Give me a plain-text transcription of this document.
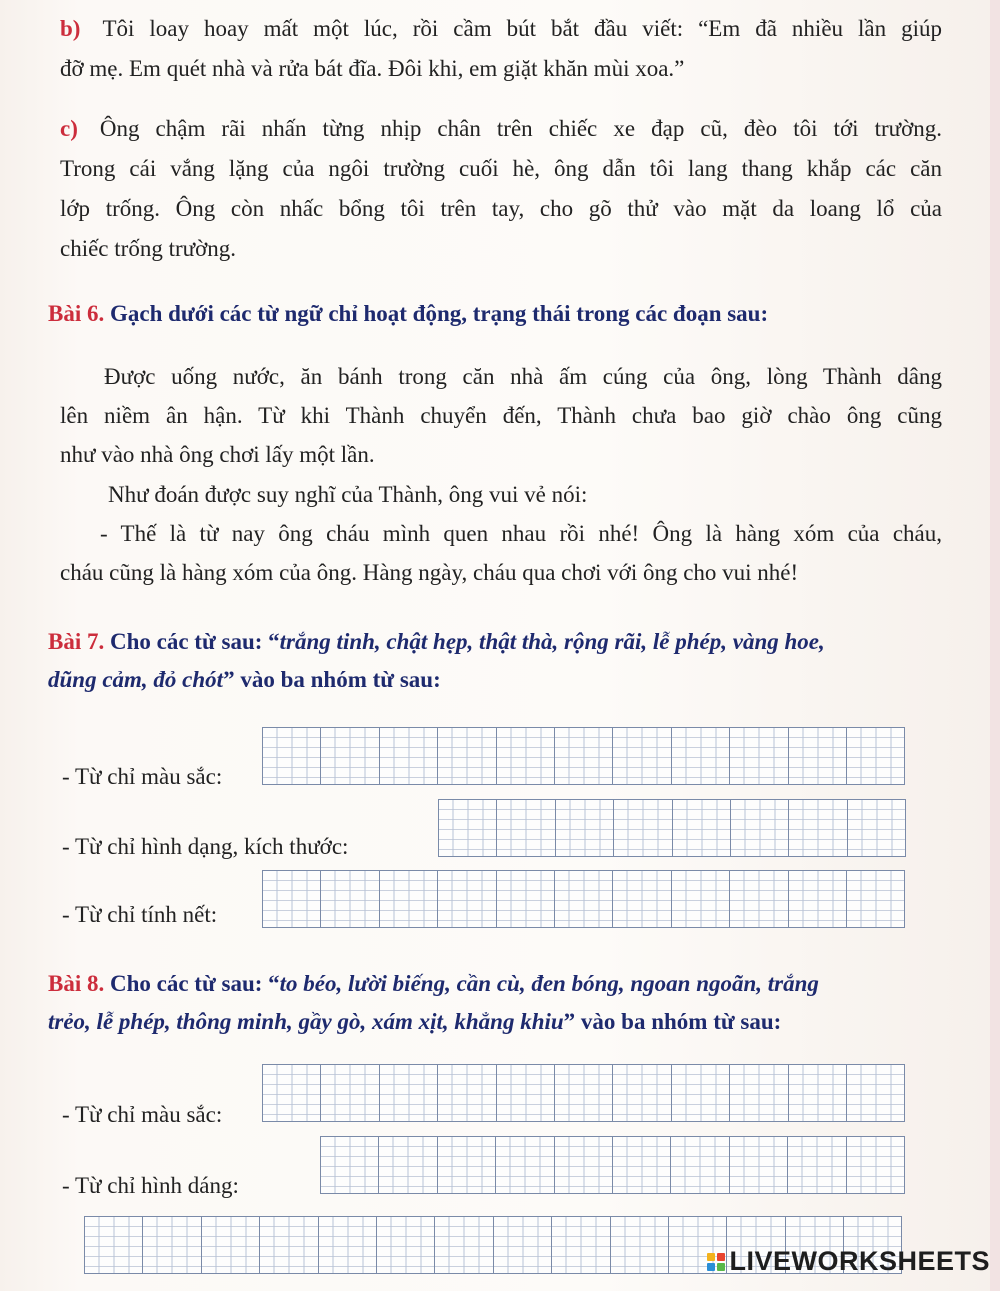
b) Tôi loay hoay mất một lúc, rồi cầm bút bắt đầu viết: “Em đã nhiều lần giúp
đỡ mẹ. Em quét nhà và rửa bát đĩa. Đôi khi, em giặt khăn mùi xoa.”
c) Ông chậm rãi nhấn từng nhịp chân trên chiếc xe đạp cũ, đèo tôi tới trường.
Trong cái vắng lặng của ngôi trường cuối hè, ông dẫn tôi lang thang khắp các căn
lớp trống. Ông còn nhấc bổng tôi trên tay, cho gõ thử vào mặt da loang lổ của
chiếc trống trường.
Bài 6. Gạch dưới các từ ngữ chỉ hoạt động, trạng thái trong các đoạn sau:
Được uống nước, ăn bánh trong căn nhà ấm cúng của ông, lòng Thành dâng
lên niềm ân hận. Từ khi Thành chuyển đến, Thành chưa bao giờ chào ông cũng
như vào nhà ông chơi lấy một lần.
Như đoán được suy nghĩ của Thành, ông vui vẻ nói:
- Thế là từ nay ông cháu mình quen nhau rồi nhé! Ông là hàng xóm của cháu,
cháu cũng là hàng xóm của ông. Hàng ngày, cháu qua chơi với ông cho vui nhé!
Bài 7. Cho các từ sau: “trắng tinh, chật hẹp, thật thà, rộng rãi, lễ phép, vàng hoe,
dũng cảm, đỏ chót” vào ba nhóm từ sau:
- Từ chỉ màu sắc:
- Từ chỉ hình dạng, kích thước:
- Từ chỉ tính nết:
Bài 8. Cho các từ sau: “to béo, lười biếng, cần cù, đen bóng, ngoan ngoãn, trắng
trẻo, lễ phép, thông minh, gầy gò, xám xịt, khẳng khiu” vào ba nhóm từ sau:
- Từ chỉ màu sắc:
- Từ chỉ hình dáng:
LIVEWORKSHEETS
